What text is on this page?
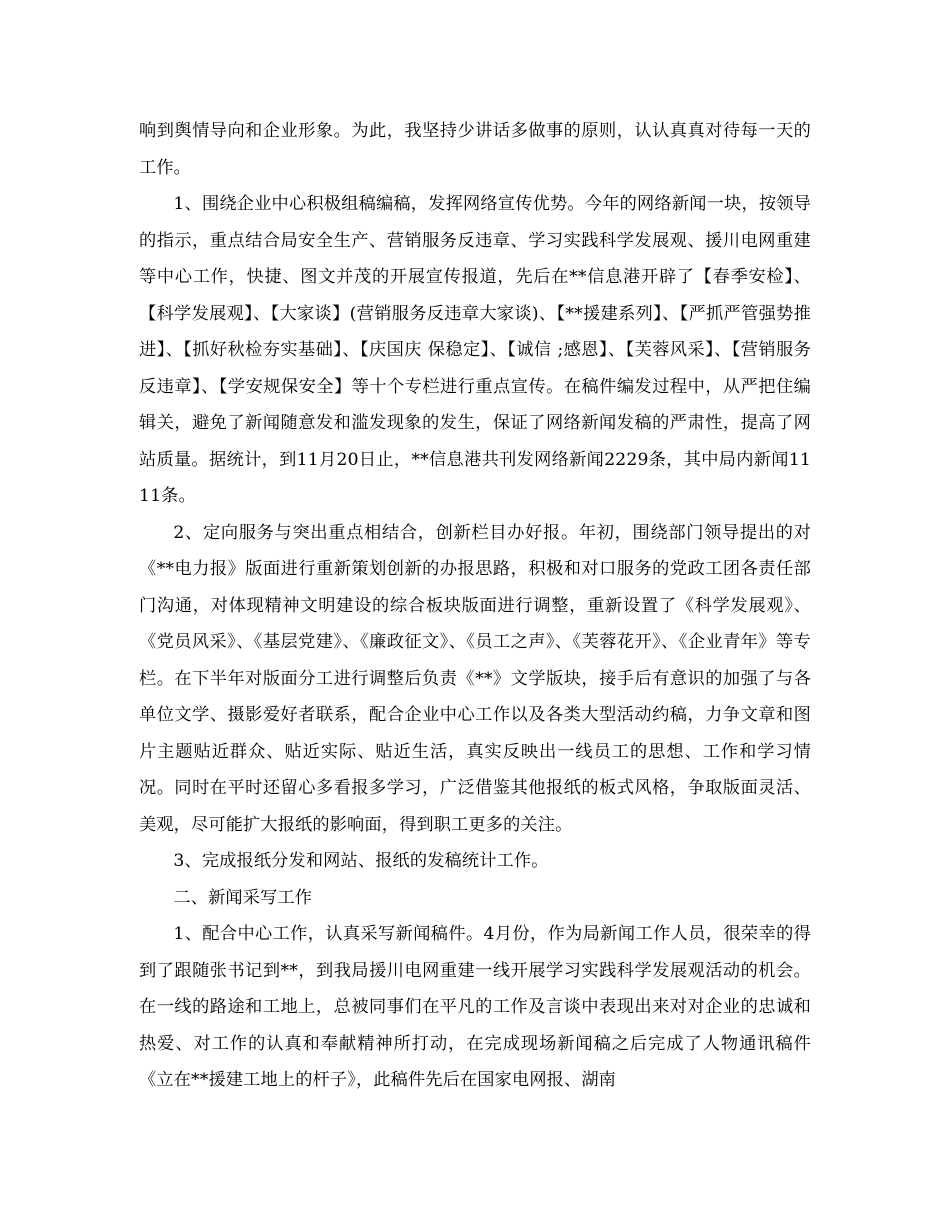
响到舆情导向和企业形象。为此，我坚持少讲话多做事的原则，认认真真对待每一天的工作。

1、围绕企业中心积极组稿编稿，发挥网络宣传优势。今年的网络新闻一块，按领导的指示，重点结合局安全生产、营销服务反违章、学习实践科学发展观、援川电网重建等中心工作，快捷、图文并茂的开展宣传报道，先后在**信息港开辟了【春季安检】、【科学发展观】、【大家谈】(营销服务反违章大家谈)、【**援建系列】、【严抓严管强势推进】、【抓好秋检夯实基础】、【庆国庆 保稳定】、【诚信 ;感恩】、【芙蓉风采】、【营销服务反违章】、【学安规保安全】等十个专栏进行重点宣传。在稿件编发过程中，从严把住编辑关，避免了新闻随意发和滥发现象的发生，保证了网络新闻发稿的严肃性，提高了网站质量。据统计，到11月20日止，**信息港共刊发网络新闻2229条，其中局内新闻1111条。

2、定向服务与突出重点相结合，创新栏目办好报。年初，围绕部门领导提出的对《**电力报》版面进行重新策划创新的办报思路，积极和对口服务的党政工团各责任部门沟通，对体现精神文明建设的综合板块版面进行调整，重新设置了《科学发展观》、《党员风采》、《基层党建》、《廉政征文》、《员工之声》、《芙蓉花开》、《企业青年》等专栏。在下半年对版面分工进行调整后负责《**》文学版块，接手后有意识的加强了与各单位文学、摄影爱好者联系，配合企业中心工作以及各类大型活动约稿，力争文章和图片主题贴近群众、贴近实际、贴近生活，真实反映出一线员工的思想、工作和学习情况。同时在平时还留心多看报多学习，广泛借鉴其他报纸的板式风格，争取版面灵活、美观，尽可能扩大报纸的影响面，得到职工更多的关注。

3、完成报纸分发和网站、报纸的发稿统计工作。

二、新闻采写工作

1、配合中心工作，认真采写新闻稿件。4月份，作为局新闻工作人员，很荣幸的得到了跟随张书记到**，到我局援川电网重建一线开展学习实践科学发展观活动的机会。在一线的路途和工地上，总被同事们在平凡的工作及言谈中表现出来对对企业的忠诚和热爱、对工作的认真和奉献精神所打动，在完成现场新闻稿之后完成了人物通讯稿件《立在**援建工地上的杆子》，此稿件先后在国家电网报、湖南
